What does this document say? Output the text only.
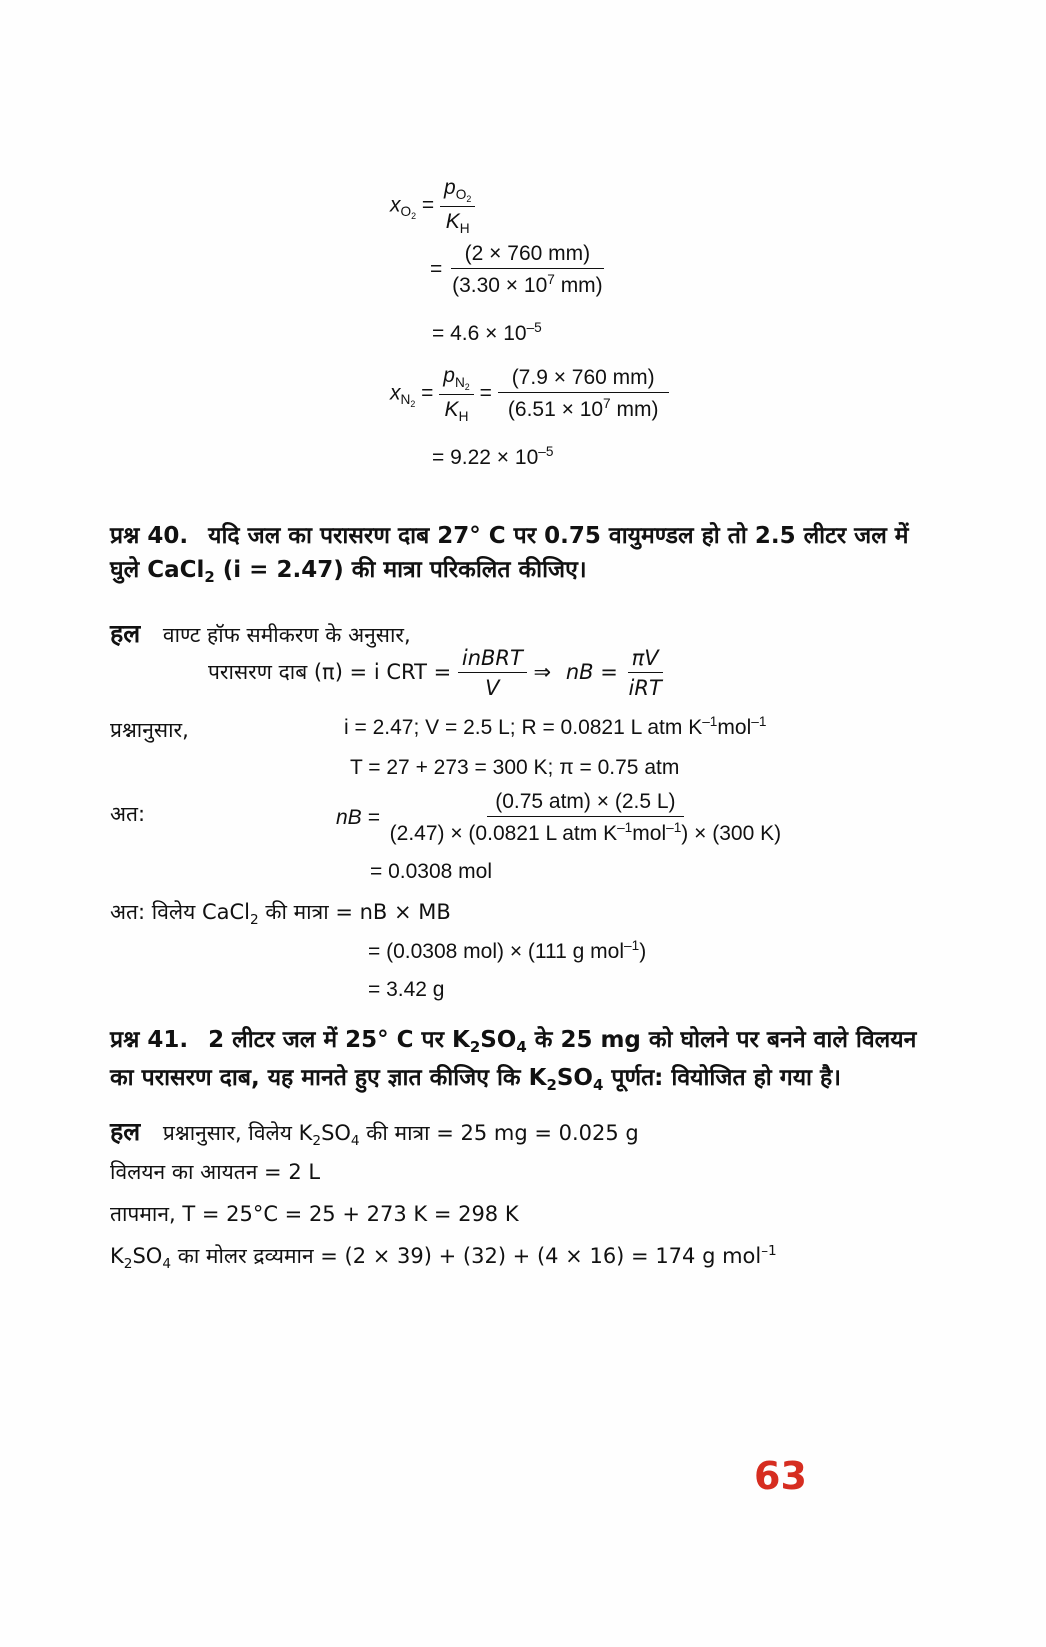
$x_{O_2} = \frac{p_{O_2}}{K_H}$
= $\frac{(2 \times 760 mm)}{(3.30 \times 10^7 mm)}$
= $4.6 \times 10^{-5}$
$x_{N_2} = \frac{p_{N_2}}{K_H} = \frac{(7.9 \times 760 mm)}{(6.51 \times 10^7 mm)}$
= $9.22 \times 10^{-5}$
प्रश्न 40. यदि जल का परासरण दाब 27° C पर 0.75 वायुमण्डल हो तो 2.5 लीटर जल में
घुले CaCl$_2$ (i = 2.47) की मात्रा परिकलित कीजिए।
हल वाण्ट हॉफ समीकरण के अनुसार,
परासरण दाब (π) = i CRT = $\frac{\text{inBRT}}{V}$ ⇒ nB = $\frac{\pi V}{\text{iRT}}$
प्रश्नानुसार,	i = 2.47; V = 2.5 L; R = 0.0821 L atm $K^{-1}mol^{-1}$
T = 27 + 273 = 300 K; π = 0.75 atm
अत:	nB = $\frac{\text{(0.75 atm) × (2.5 L)}}{(2.47) \times (0.0821 L atm K^{-1}mol^{-1}) \times (300 K)}$
= 0.0308 mol
अत: विलेय CaCl$_2$ की मात्रा = nB × MB
= (0.0308 mol) × (111 g mol$^{-1}$)
= 3.42 g
प्रश्न 41. 2 लीटर जल में 25° C पर $K_2SO_4$ के 25 mg को घोलने पर बनने वाले विलयन
का परासरण दाब, यह मानते हुए ज्ञात कीजिए कि $K_2SO_4$ पूर्णत: वियोजित हो गया है।
हल प्रश्नानुसार, विलेय $K_2SO_4$ की मात्रा = 25 mg = 0.025 g
विलयन का आयतन = 2 L
तापमान, T = 25°C = 25 + 273 K = 298 K
$K_2SO_4$ का मोलर द्रव्यमान = (2 × 39) + (32) + (4 × 16) = 174 g mol$^{-1}$
63
